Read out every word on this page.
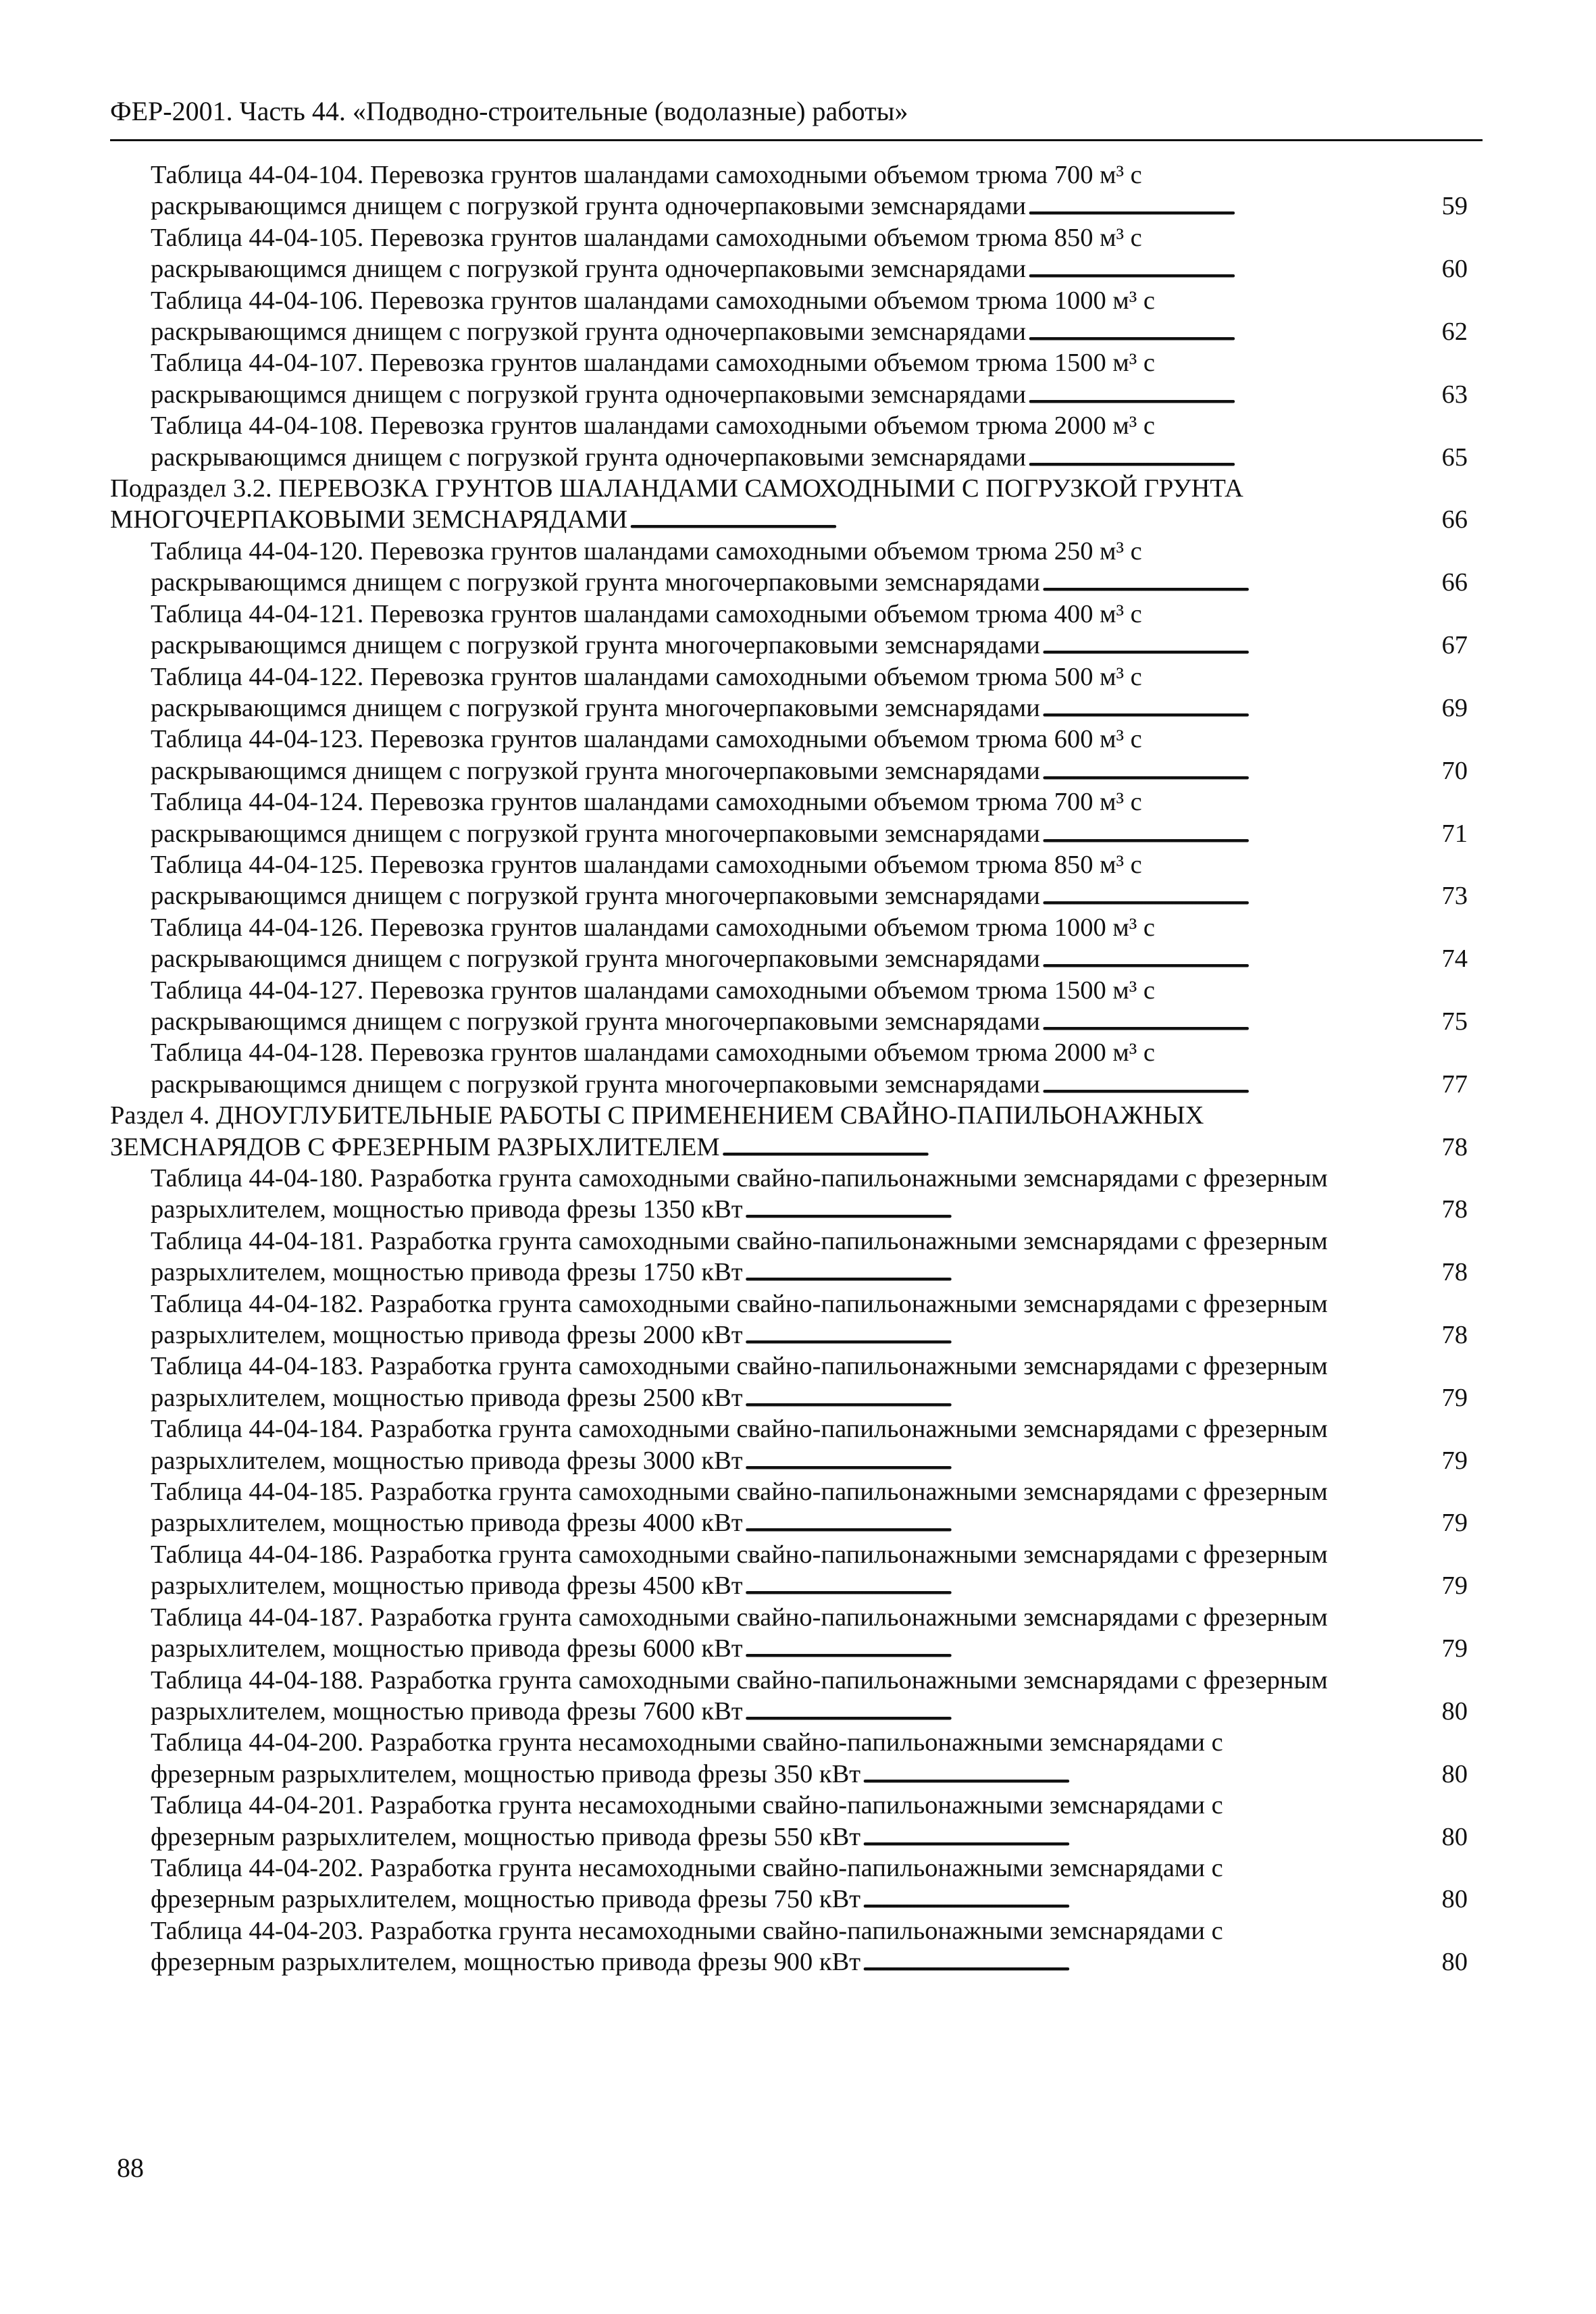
ФЕР-2001. Часть 44. «Подводно-строительные (водолазные) работы»
Таблица 44-04-104. Перевозка грунтов шаландами самоходными объемом трюма 700 м³ с
раскрывающимся днищем с погрузкой грунта одночерпаковыми земснарядами . . .	59
Таблица 44-04-105. Перевозка грунтов шаландами самоходными объемом трюма 850 м³ с
раскрывающимся днищем с погрузкой грунта одночерпаковыми земснарядами . . .	60
Таблица 44-04-106. Перевозка грунтов шаландами самоходными объемом трюма 1000 м³ с
раскрывающимся днищем с погрузкой грунта одночерпаковыми земснарядами . . .	62
Таблица 44-04-107. Перевозка грунтов шаландами самоходными объемом трюма 1500 м³ с
раскрывающимся днищем с погрузкой грунта одночерпаковыми земснарядами . . .	63
Таблица 44-04-108. Перевозка грунтов шаландами самоходными объемом трюма 2000 м³ с
раскрывающимся днищем с погрузкой грунта одночерпаковыми земснарядами . . .	65
Подраздел 3.2. ПЕРЕВОЗКА ГРУНТОВ ШАЛАНДАМИ САМОХОДНЫМИ С ПОГРУЗКОЙ ГРУНТА
МНОГОЧЕРПАКОВЫМИ ЗЕМСНАРЯДАМИ . . .	66
Таблица 44-04-120. Перевозка грунтов шаландами самоходными объемом трюма 250 м³ с
раскрывающимся днищем с погрузкой грунта многочерпаковыми земснарядами . . .	66
Таблица 44-04-121. Перевозка грунтов шаландами самоходными объемом трюма 400 м³ с
раскрывающимся днищем с погрузкой грунта многочерпаковыми земснарядами . . .	67
Таблица 44-04-122. Перевозка грунтов шаландами самоходными объемом трюма 500 м³ с
раскрывающимся днищем с погрузкой грунта многочерпаковыми земснарядами . . .	69
Таблица 44-04-123. Перевозка грунтов шаландами самоходными объемом трюма 600 м³ с
раскрывающимся днищем с погрузкой грунта многочерпаковыми земснарядами . . .	70
Таблица 44-04-124. Перевозка грунтов шаландами самоходными объемом трюма 700 м³ с
раскрывающимся днищем с погрузкой грунта многочерпаковыми земснарядами . . .	71
Таблица 44-04-125. Перевозка грунтов шаландами самоходными объемом трюма 850 м³ с
раскрывающимся днищем с погрузкой грунта многочерпаковыми земснарядами . . .	73
Таблица 44-04-126. Перевозка грунтов шаландами самоходными объемом трюма 1000 м³ с
раскрывающимся днищем с погрузкой грунта многочерпаковыми земснарядами . . .	74
Таблица 44-04-127. Перевозка грунтов шаландами самоходными объемом трюма 1500 м³ с
раскрывающимся днищем с погрузкой грунта многочерпаковыми земснарядами . . .	75
Таблица 44-04-128. Перевозка грунтов шаландами самоходными объемом трюма 2000 м³ с
раскрывающимся днищем с погрузкой грунта многочерпаковыми земснарядами . . .	77
Раздел 4. ДНОУГЛУБИТЕЛЬНЫЕ РАБОТЫ С ПРИМЕНЕНИЕМ СВАЙНО-ПАПИЛЬОНАЖНЫХ
ЗЕМСНАРЯДОВ С ФРЕЗЕРНЫМ РАЗРЫХЛИТЕЛЕМ . . .	78
Таблица 44-04-180. Разработка грунта самоходными свайно-папильонажными земснарядами с фрезерным
разрыхлителем, мощностью привода фрезы 1350 кВт . . .	78
Таблица 44-04-181. Разработка грунта самоходными свайно-папильонажными земснарядами с фрезерным
разрыхлителем, мощностью привода фрезы 1750 кВт . . .	78
Таблица 44-04-182. Разработка грунта самоходными свайно-папильонажными земснарядами с фрезерным
разрыхлителем, мощностью привода фрезы 2000 кВт . . .	78
Таблица 44-04-183. Разработка грунта самоходными свайно-папильонажными земснарядами с фрезерным
разрыхлителем, мощностью привода фрезы 2500 кВт . . .	79
Таблица 44-04-184. Разработка грунта самоходными свайно-папильонажными земснарядами с фрезерным
разрыхлителем, мощностью привода фрезы 3000 кВт . . .	79
Таблица 44-04-185. Разработка грунта самоходными свайно-папильонажными земснарядами с фрезерным
разрыхлителем, мощностью привода фрезы 4000 кВт . . .	79
Таблица 44-04-186. Разработка грунта самоходными свайно-папильонажными земснарядами с фрезерным
разрыхлителем, мощностью привода фрезы 4500 кВт . . .	79
Таблица 44-04-187. Разработка грунта самоходными свайно-папильонажными земснарядами с фрезерным
разрыхлителем, мощностью привода фрезы 6000 кВт . . .	79
Таблица 44-04-188. Разработка грунта самоходными свайно-папильонажными земснарядами с фрезерным
разрыхлителем, мощностью привода фрезы 7600 кВт . . .	80
Таблица 44-04-200. Разработка грунта несамоходными свайно-папильонажными земснарядами с
фрезерным разрыхлителем, мощностью привода фрезы 350 кВт . . .	80
Таблица 44-04-201. Разработка грунта несамоходными свайно-папильонажными земснарядами с
фрезерным разрыхлителем, мощностью привода фрезы 550 кВт . . .	80
Таблица 44-04-202. Разработка грунта несамоходными свайно-папильонажными земснарядами с
фрезерным разрыхлителем, мощностью привода фрезы 750 кВт . . .	80
Таблица 44-04-203. Разработка грунта несамоходными свайно-папильонажными земснарядами с
фрезерным разрыхлителем, мощностью привода фрезы 900 кВт . . .	80
88
